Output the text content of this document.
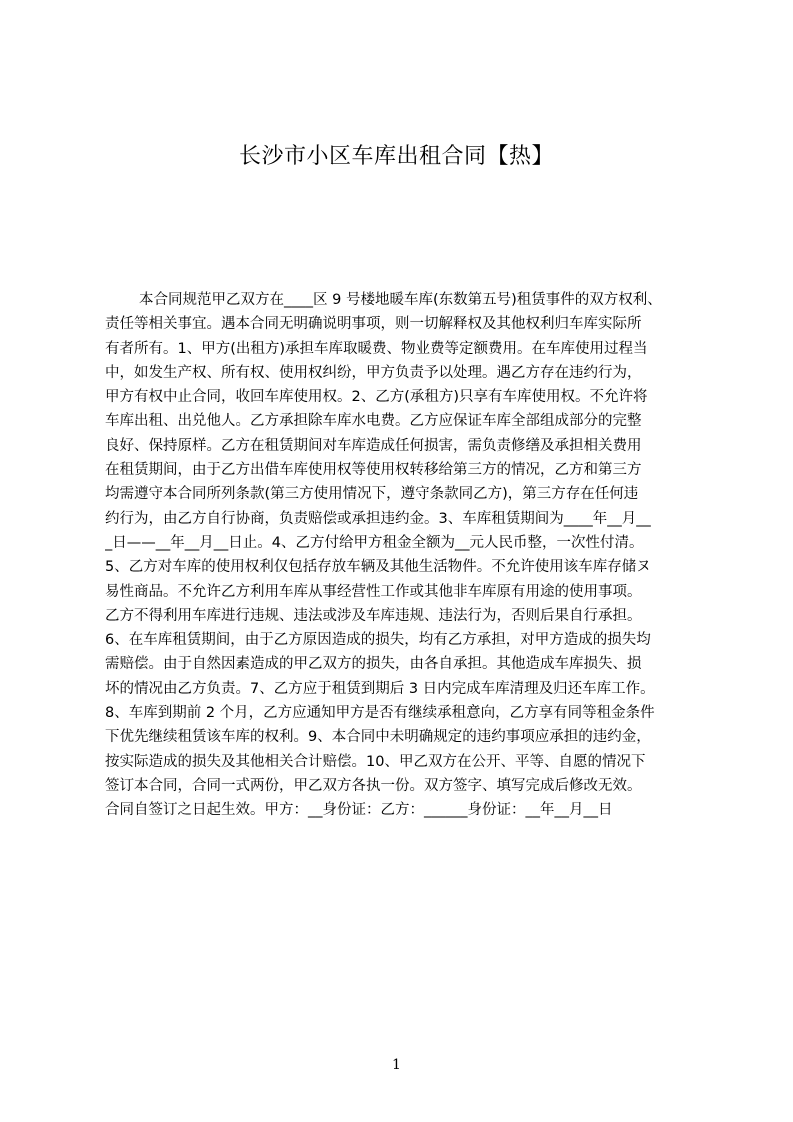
长沙市小区车库出租合同【热】
本合同规范甲乙双方在____区 9 号楼地暖车库(东数第五号)租赁事件的双方权利、
责任等相关事宜。遇本合同无明确说明事项，则一切解释权及其他权利归车库实际所
有者所有。1、甲方(出租方)承担车库取暖费、物业费等定额费用。在车库使用过程当
中，如发生产权、所有权、使用权纠纷，甲方负责予以处理。遇乙方存在违约行为，
甲方有权中止合同，收回车库使用权。2、乙方(承租方)只享有车库使用权。不允许将
车库出租、出兑他人。乙方承担除车库水电费。乙方应保证车库全部组成部分的完整
良好、保持原样。乙方在租赁期间对车库造成任何损害，需负责修缮及承担相关费用
在租赁期间，由于乙方出借车库使用权等使用权转移给第三方的情况，乙方和第三方
均需遵守本合同所列条款(第三方使用情况下，遵守条款同乙方)，第三方存在任何违
约行为，由乙方自行协商，负责赔偿或承担违约金。3、车库租赁期间为____年__月__
_日——__年__月__日止。4、乙方付给甲方租金全额为__元人民币整，一次性付清。
5、乙方对车库的使用权利仅包括存放车辆及其他生活物件。不允许使用该车库存储ヌ
易性商品。不允许乙方利用车库从事经营性工作或其他非车库原有用途的使用事项。
乙方不得利用车库进行违规、违法或涉及车库违规、违法行为，否则后果自行承担。
6、在车库租赁期间，由于乙方原因造成的损失，均有乙方承担，对甲方造成的损失均
需赔偿。由于自然因素造成的甲乙双方的损失，由各自承担。其他造成车库损失、损
坏的情况由乙方负责。7、乙方应于租赁到期后 3 日内完成车库清理及归还车库工作。
8、车库到期前 2 个月，乙方应通知甲方是否有继续承租意向，乙方享有同等租金条件
下优先继续租赁该车库的权利。9、本合同中未明确规定的违约事项应承担的违约金，
按实际造成的损失及其他相关合计赔偿。10、甲乙双方在公开、平等、自愿的情况下
签订本合同，合同一式两份，甲乙双方各执一份。双方签字、填写完成后修改无效。
合同自签订之日起生效。甲方：__身份证：乙方：______身份证：__年__月__日
1
